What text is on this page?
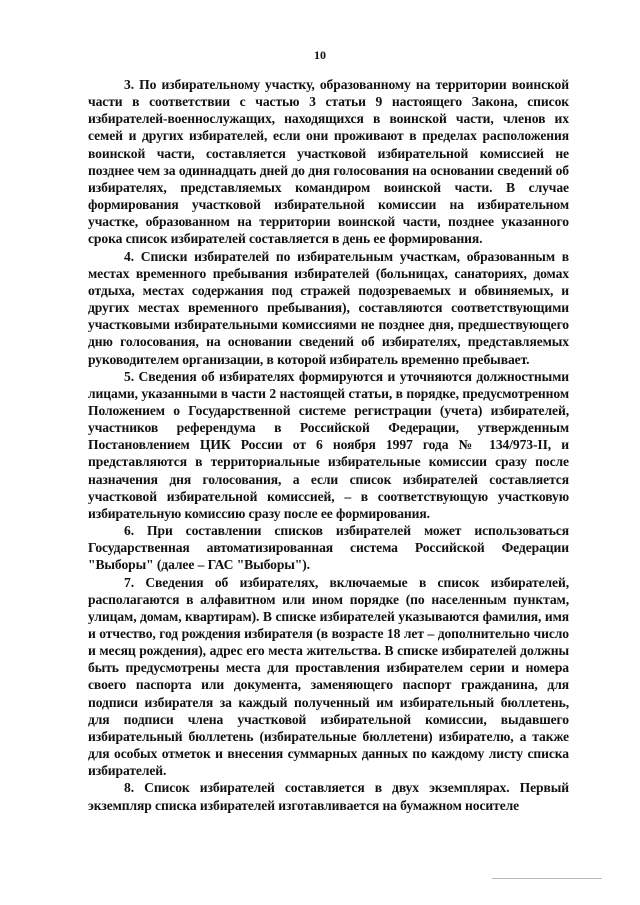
10

3. По избирательному участку, образованному на территории воинской части в соответствии с частью 3 статьи 9 настоящего Закона, список избирателей-военнослужащих, находящихся в воинской части, членов их семей и других избирателей, если они проживают в пределах расположения воинской части, составляется участковой избирательной комиссией не позднее чем за одиннадцать дней до дня голосования на основании сведений об избирателях, представляемых командиром воинской части. В случае формирования участковой избирательной комиссии на избирательном участке, образованном на территории воинской части, позднее указанного срока список избирателей составляется в день ее формирования.

4. Списки избирателей по избирательным участкам, образованным в местах временного пребывания избирателей (больницах, санаториях, домах отдыха, местах содержания под стражей подозреваемых и обвиняемых, и других местах временного пребывания), составляются соответствующими участковыми избирательными комиссиями не позднее дня, предшествующего дню голосования, на основании сведений об избирателях, представляемых руководителем организации, в которой избиратель временно пребывает.

5. Сведения об избирателях формируются и уточняются должностными лицами, указанными в части 2 настоящей статьи, в порядке, предусмотренном Положением о Государственной системе регистрации (учета) избирателей, участников референдума в Российской Федерации, утвержденным Постановлением ЦИК России от 6 ноября 1997 года № 134/973-II, и представляются в территориальные избирательные комиссии сразу после назначения дня голосования, а если список избирателей составляется участковой избирательной комиссией, – в соответствующую участковую избирательную комиссию сразу после ее формирования.

6. При составлении списков избирателей может использоваться Государственная автоматизированная система Российской Федерации "Выборы" (далее – ГАС "Выборы").

7. Сведения об избирателях, включаемые в список избирателей, располагаются в алфавитном или ином порядке (по населенным пунктам, улицам, домам, квартирам). В списке избирателей указываются фамилия, имя и отчество, год рождения избирателя (в возрасте 18 лет – дополнительно число и месяц рождения), адрес его места жительства. В списке избирателей должны быть предусмотрены места для проставления избирателем серии и номера своего паспорта или документа, заменяющего паспорт гражданина, для подписи избирателя за каждый полученный им избирательный бюллетень, для подписи члена участковой избирательной комиссии, выдавшего избирательный бюллетень (избирательные бюллетени) избирателю, а также для особых отметок и внесения суммарных данных по каждому листу списка избирателей.

8. Список избирателей составляется в двух экземплярах. Первый экземпляр списка избирателей изготавливается на бумажном носителе
